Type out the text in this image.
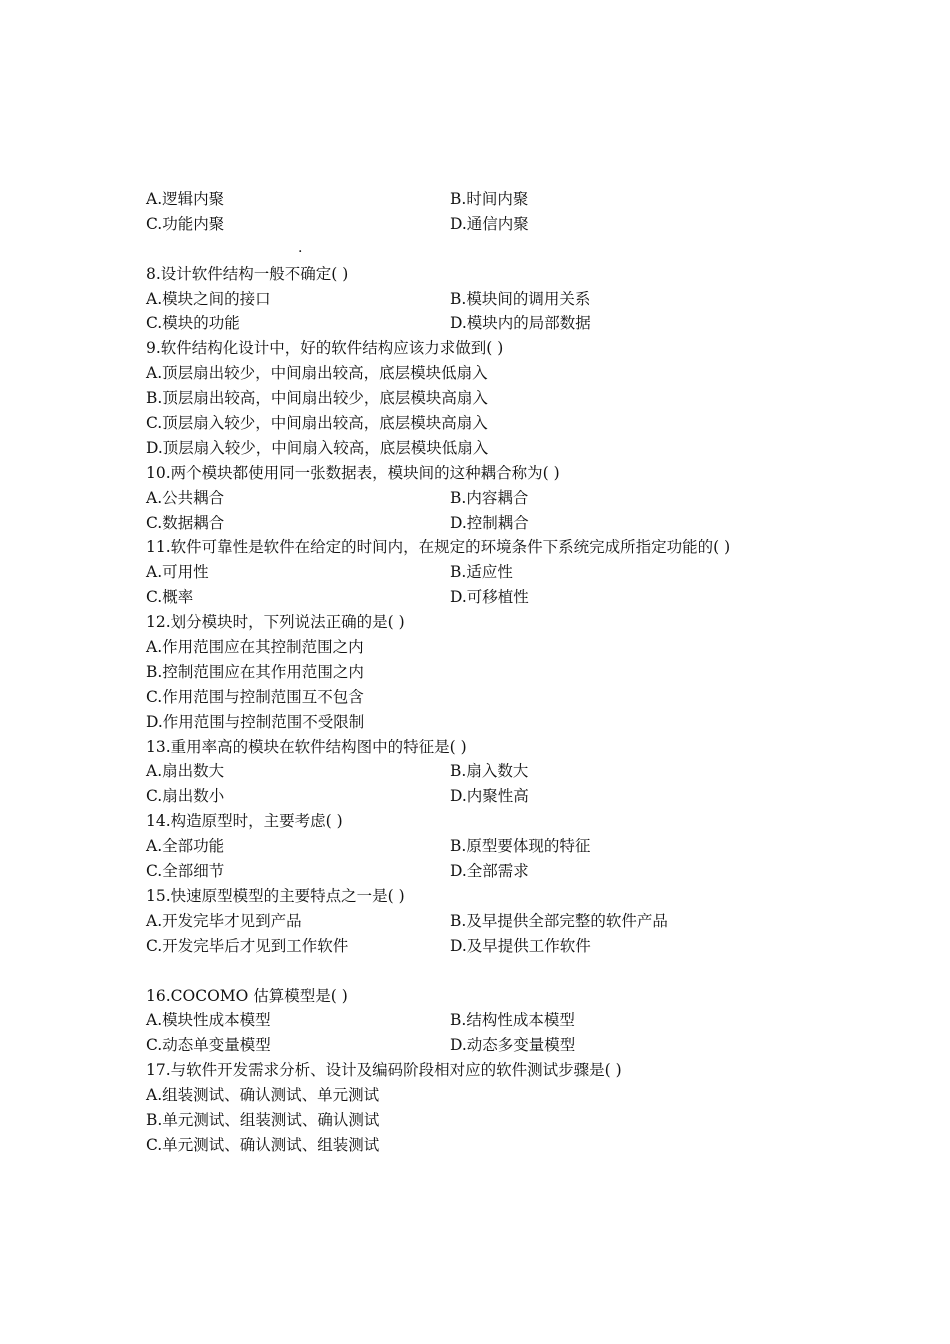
A.逻辑内聚	B.时间内聚
C.功能内聚	D.通信内聚
.
8.设计软件结构一般不确定( )
A.模块之间的接口	B.模块间的调用关系
C.模块的功能	D.模块内的局部数据
9.软件结构化设计中，好的软件结构应该力求做到( )
A.顶层扇出较少，中间扇出较高，底层模块低扇入
B.顶层扇出较高，中间扇出较少，底层模块高扇入
C.顶层扇入较少，中间扇出较高，底层模块高扇入
D.顶层扇入较少，中间扇入较高，底层模块低扇入
10.两个模块都使用同一张数据表，模块间的这种耦合称为( )
A.公共耦合	B.内容耦合
C.数据耦合	D.控制耦合
11.软件可靠性是软件在给定的时间内，在规定的环境条件下系统完成所指定功能的( )
A.可用性	B.适应性
C.概率	D.可移植性
12.划分模块时，下列说法正确的是( )
A.作用范围应在其控制范围之内
B.控制范围应在其作用范围之内
C.作用范围与控制范围互不包含
D.作用范围与控制范围不受限制
13.重用率高的模块在软件结构图中的特征是( )
A.扇出数大	B.扇入数大
C.扇出数小	D.内聚性高
14.构造原型时，主要考虑( )
A.全部功能	B.原型要体现的特征
C.全部细节	D.全部需求
15.快速原型模型的主要特点之一是( )
A.开发完毕才见到产品	B.及早提供全部完整的软件产品
C.开发完毕后才见到工作软件	D.及早提供工作软件
16.COCOMO 估算模型是( )
A.模块性成本模型	B.结构性成本模型
C.动态单变量模型	D.动态多变量模型
17.与软件开发需求分析、设计及编码阶段相对应的软件测试步骤是( )
A.组装测试、确认测试、单元测试
B.单元测试、组装测试、确认测试
C.单元测试、确认测试、组装测试
